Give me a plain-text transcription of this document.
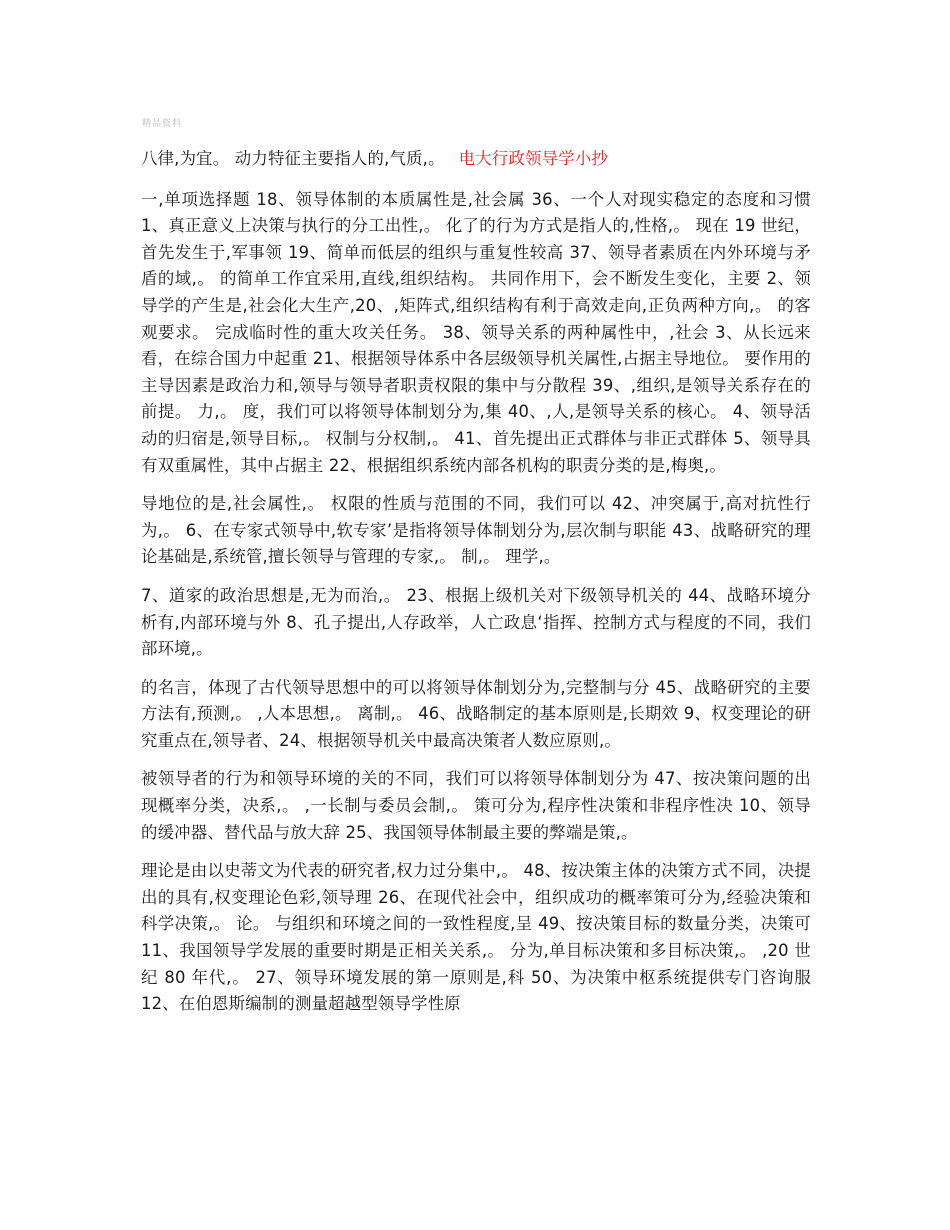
精品资料

八律,为宜。 动力特征主要指人的,气质,。 电大行政领导学小抄

一,单项选择题 18、领导体制的本质属性是,社会属 36、一个人对现实稳定的态度和习惯 1、真正意义上决策与执行的分工出性,。 化了的行为方式是指人的,性格,。 现在 19 世纪，首先发生于,军事领 19、简单而低层的组织与重复性较高 37、领导者素质在内外环境与矛盾的域,。 的简单工作宜采用,直线,组织结构。 共同作用下，会不断发生变化，主要 2、领导学的产生是,社会化大生产,20、,矩阵式,组织结构有利于高效走向,正负两种方向,。 的客观要求。 完成临时性的重大攻关任务。 38、领导关系的两种属性中，,社会 3、从长远来看，在综合国力中起重 21、根据领导体系中各层级领导机关属性,占据主导地位。 要作用的主导因素是政治力和,领导与领导者职责权限的集中与分散程 39、,组织,是领导关系存在的前提。 力,。 度，我们可以将领导体制划分为,集 40、,人,是领导关系的核心。 4、领导活动的归宿是,领导目标,。 权制与分权制,。 41、首先提出正式群体与非正式群体 5、领导具有双重属性，其中占据主 22、根据组织系统内部各机构的职责分类的是,梅奥,。

导地位的是,社会属性,。 权限的性质与范围的不同，我们可以 42、冲突属于,高对抗性行为,。 6、在专家式领导中,软专家’是指将领导体制划分为,层次制与职能 43、战略研究的理论基础是,系统管,擅长领导与管理的专家,。 制,。 理学,。

7、道家的政治思想是,无为而治,。 23、根据上级机关对下级领导机关的 44、战略环境分析有,内部环境与外 8、孔子提出,人存政举，人亡政息‘指挥、控制方式与程度的不同，我们部环境,。

的名言，体现了古代领导思想中的可以将领导体制划分为,完整制与分 45、战略研究的主要方法有,预测,。 ,人本思想,。 离制,。 46、战略制定的基本原则是,长期效 9、权变理论的研究重点在,领导者、24、根据领导机关中最高决策者人数应原则,。

被领导者的行为和领导环境的关的不同，我们可以将领导体制划分为 47、按决策问题的出现概率分类，决系,。 ,一长制与委员会制,。 策可分为,程序性决策和非程序性决 10、领导的缓冲器、替代品与放大辞 25、我国领导体制最主要的弊端是策,。

理论是由以史蒂文为代表的研究者,权力过分集中,。 48、按决策主体的决策方式不同，决提出的具有,权变理论色彩,领导理 26、在现代社会中，组织成功的概率策可分为,经验决策和科学决策,。 论。 与组织和环境之间的一致性程度,呈 49、按决策目标的数量分类，决策可 11、我国领导学发展的重要时期是正相关关系,。 分为,单目标决策和多目标决策,。 ,20 世纪 80 年代,。 27、领导环境发展的第一原则是,科 50、为决策中枢系统提供专门咨询服 12、在伯恩斯编制的测量超越型领导学性原
